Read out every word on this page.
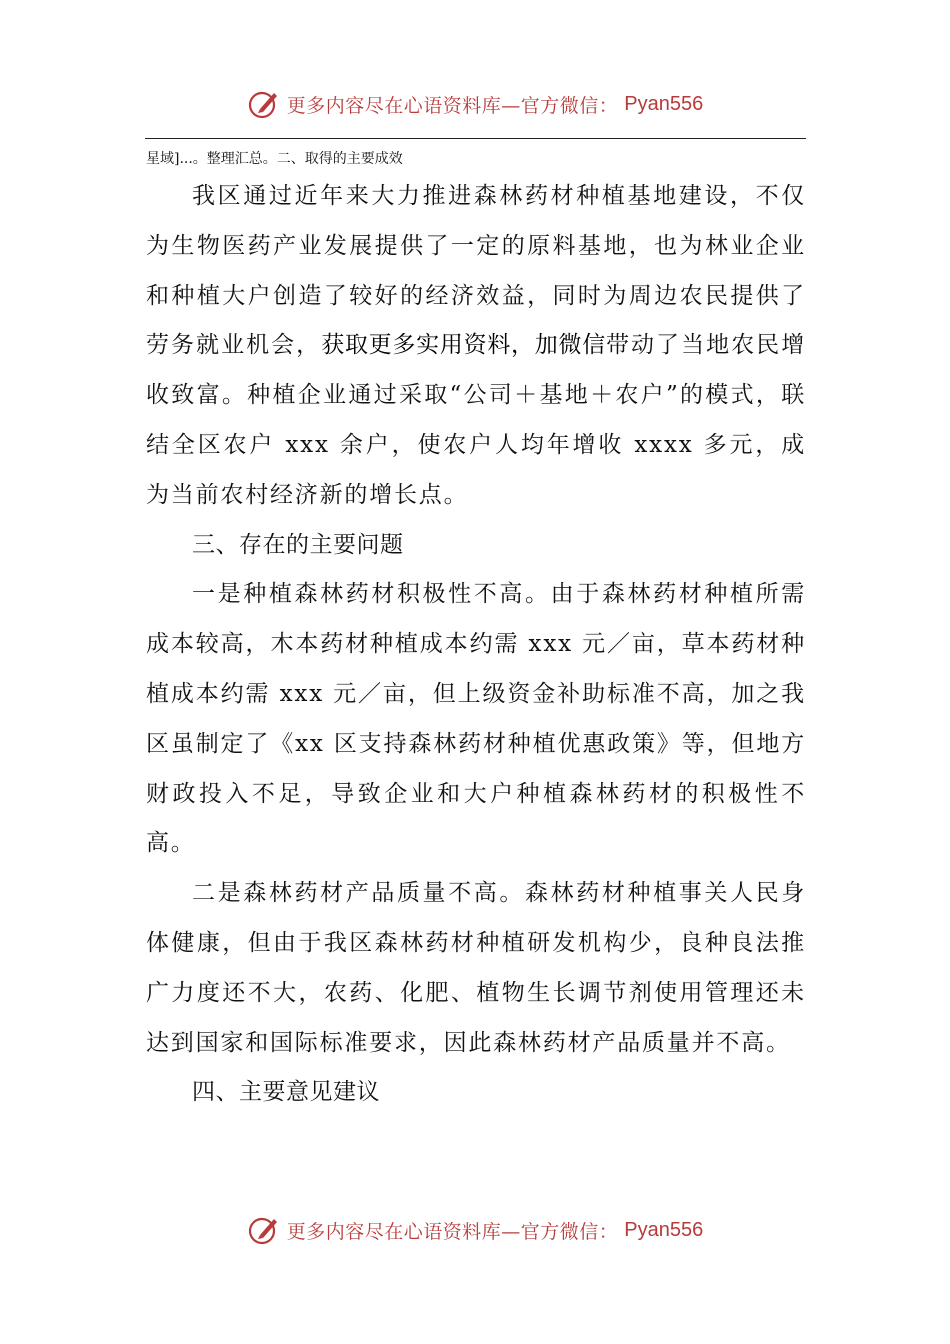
更多内容尽在心语资料库—官方微信： Pyan556
星域]...。整理汇总。二、取得的主要成效

我区通过近年来大力推进森林药材种植基地建设，不仅为生物医药产业发展提供了一定的原料基地，也为林业企业和种植大户创造了较好的经济效益，同时为周边农民提供了劳务就业机会，获取更多实用资料，加微信带动了当地农民增收致富。种植企业通过采取“公司＋基地＋农户”的模式，联结全区农户 xxx 余户，使农户人均年增收 xxxx 多元，成为当前农村经济新的增长点。

三、存在的主要问题

一是种植森林药材积极性不高。由于森林药材种植所需成本较高，木本药材种植成本约需 xxx 元／亩，草本药材种植成本约需 xxx 元／亩，但上级资金补助标准不高，加之我区虽制定了《xx 区支持森林药材种植优惠政策》等，但地方财政投入不足，导致企业和大户种植森林药材的积极性不高。

二是森林药材产品质量不高。森林药材种植事关人民身体健康，但由于我区森林药材种植研发机构少，良种良法推广力度还不大，农药、化肥、植物生长调节剂使用管理还未达到国家和国际标准要求，因此森林药材产品质量并不高。

四、主要意见建议

更多内容尽在心语资料库—官方微信： Pyan556
